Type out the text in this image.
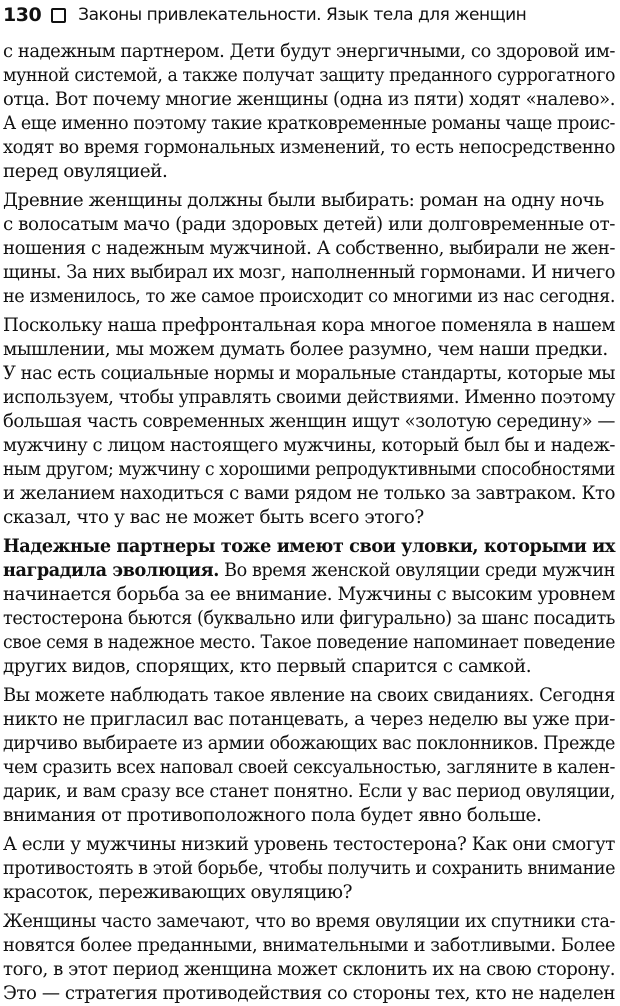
130 Законы привлекательности. Язык тела для женщин

с надежным партнером. Дети будут энергичными, со здоровой им-
мунной системой, а также получат защиту преданного суррогатного
отца. Вот почему многие женщины (одна из пяти) ходят «налево».
А еще именно поэтому такие кратковременные романы чаще проис-
ходят во время гормональных изменений, то есть непосредственно
перед овуляцией.

Древние женщины должны были выбирать: роман на одну ночь
с волосатым мачо (ради здоровых детей) или долговременные от-
ношения с надежным мужчиной. А собственно, выбирали не жен-
щины. За них выбирал их мозг, наполненный гормонами. И ничего
не изменилось, то же самое происходит со многими из нас сегодня.

Поскольку наша префронтальная кора многое поменяла в нашем
мышлении, мы можем думать более разумно, чем наши предки.
У нас есть социальные нормы и моральные стандарты, которые мы
используем, чтобы управлять своими действиями. Именно поэтому
большая часть современных женщин ищут «золотую середину» —
мужчину с лицом настоящего мужчины, который был бы и надеж-
ным другом; мужчину с хорошими репродуктивными способностями
и желанием находиться с вами рядом не только за завтраком. Кто
сказал, что у вас не может быть всего этого?

Надежные партнеры тоже имеют свои уловки, которыми их
наградила эволюция. Во время женской овуляции среди мужчин
начинается борьба за ее внимание. Мужчины с высоким уровнем
тестостерона бьются (буквально или фигурально) за шанс посадить
свое семя в надежное место. Такое поведение напоминает поведение
других видов, спорящих, кто первый спарится с самкой.

Вы можете наблюдать такое явление на своих свиданиях. Сегодня
никто не пригласил вас потанцевать, а через неделю вы уже при-
дирчиво выбираете из армии обожающих вас поклонников. Прежде
чем сразить всех наповал своей сексуальностью, загляните в кален-
дарик, и вам сразу все станет понятно. Если у вас период овуляции,
внимания от противоположного пола будет явно больше.

А если у мужчины низкий уровень тестостерона? Как они смогут
противостоять в этой борьбе, чтобы получить и сохранить внимание
красоток, переживающих овуляцию?

Женщины часто замечают, что во время овуляции их спутники ста-
новятся более преданными, внимательными и заботливыми. Более
того, в этот период женщина может склонить их на свою сторону.
Это — стратегия противодействия со стороны тех, кто не наделен
